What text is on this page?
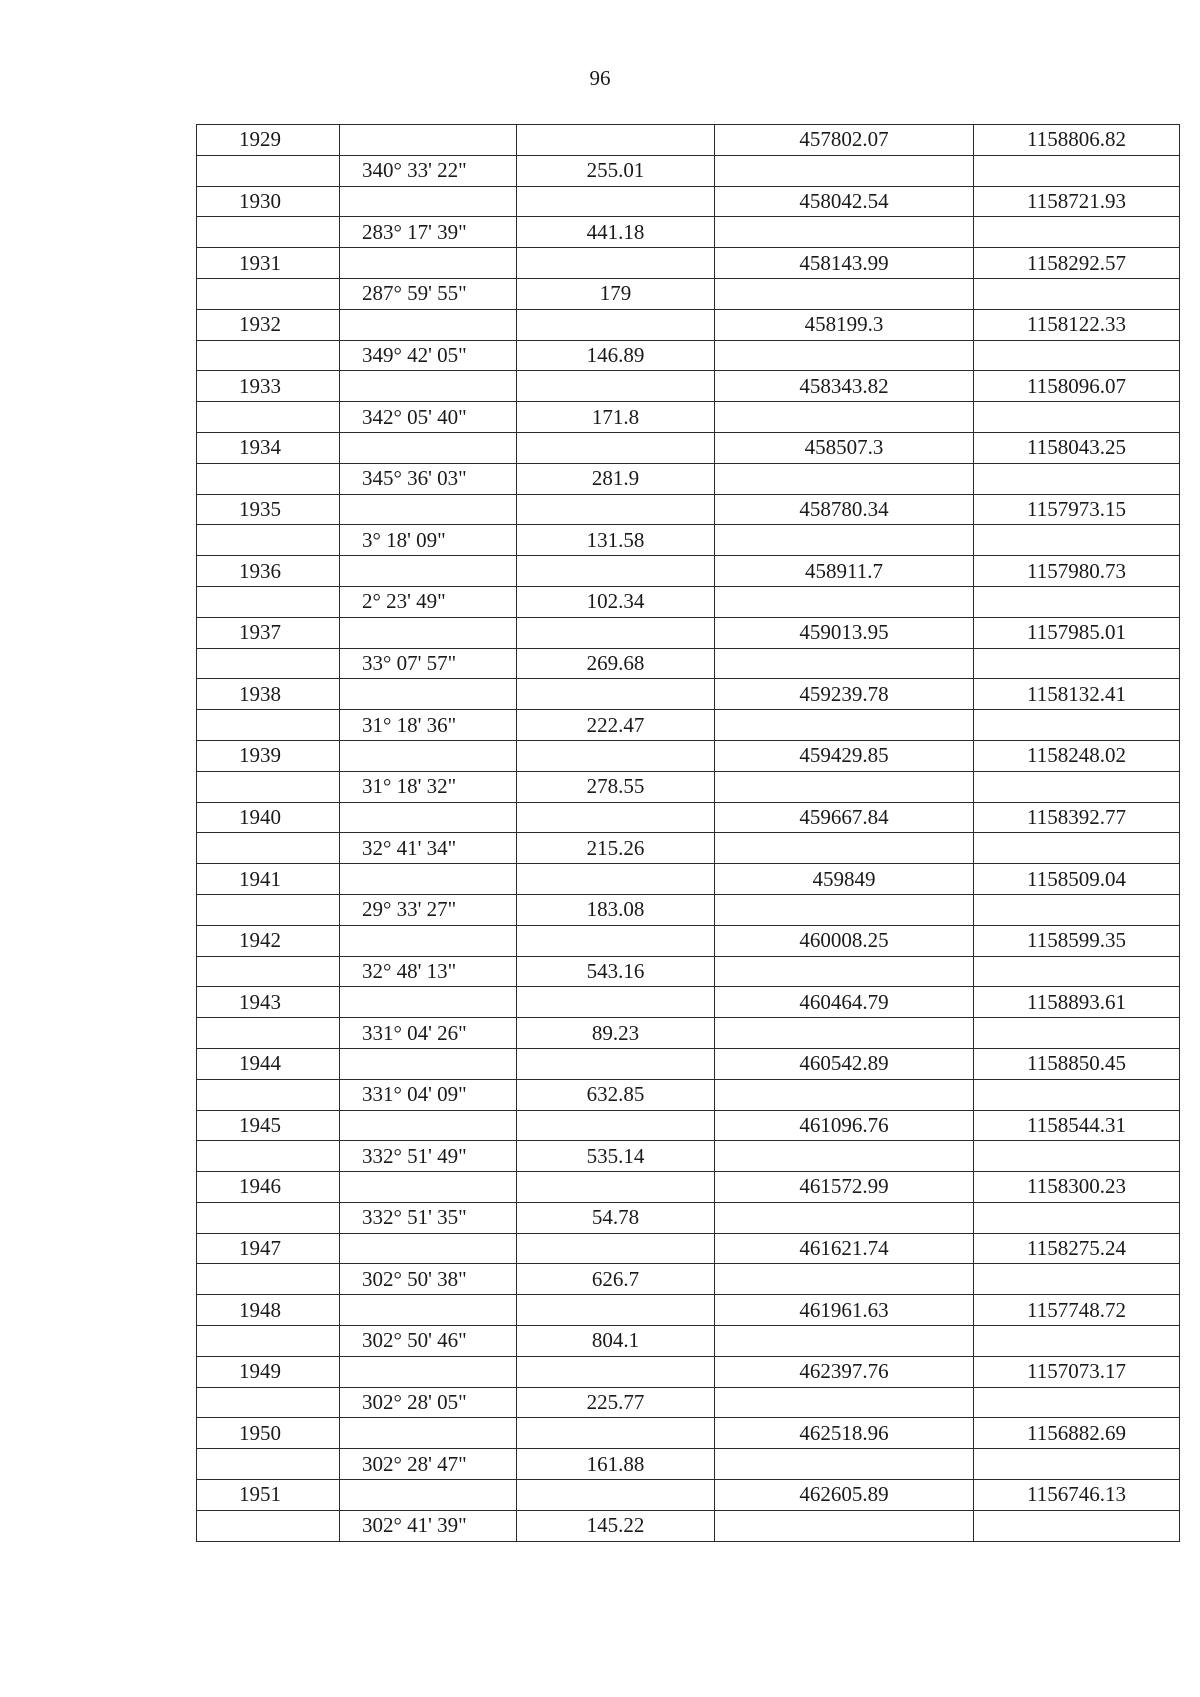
96
1929			457802.07	1158806.82
	340° 33' 22"	255.01		
1930			458042.54	1158721.93
	283° 17' 39"	441.18		
1931			458143.99	1158292.57
	287° 59' 55"	179		
1932			458199.3	1158122.33
	349° 42' 05"	146.89		
1933			458343.82	1158096.07
	342° 05' 40"	171.8		
1934			458507.3	1158043.25
	345° 36' 03"	281.9		
1935			458780.34	1157973.15
	3° 18' 09"	131.58		
1936			458911.7	1157980.73
	2° 23' 49"	102.34		
1937			459013.95	1157985.01
	33° 07' 57"	269.68		
1938			459239.78	1158132.41
	31° 18' 36"	222.47		
1939			459429.85	1158248.02
	31° 18' 32"	278.55		
1940			459667.84	1158392.77
	32° 41' 34"	215.26		
1941			459849	1158509.04
	29° 33' 27"	183.08		
1942			460008.25	1158599.35
	32° 48' 13"	543.16		
1943			460464.79	1158893.61
	331° 04' 26"	89.23		
1944			460542.89	1158850.45
	331° 04' 09"	632.85		
1945			461096.76	1158544.31
	332° 51' 49"	535.14		
1946			461572.99	1158300.23
	332° 51' 35"	54.78		
1947			461621.74	1158275.24
	302° 50' 38"	626.7		
1948			461961.63	1157748.72
	302° 50' 46"	804.1		
1949			462397.76	1157073.17
	302° 28' 05"	225.77		
1950			462518.96	1156882.69
	302° 28' 47"	161.88		
1951			462605.89	1156746.13
	302° 41' 39"	145.22		
